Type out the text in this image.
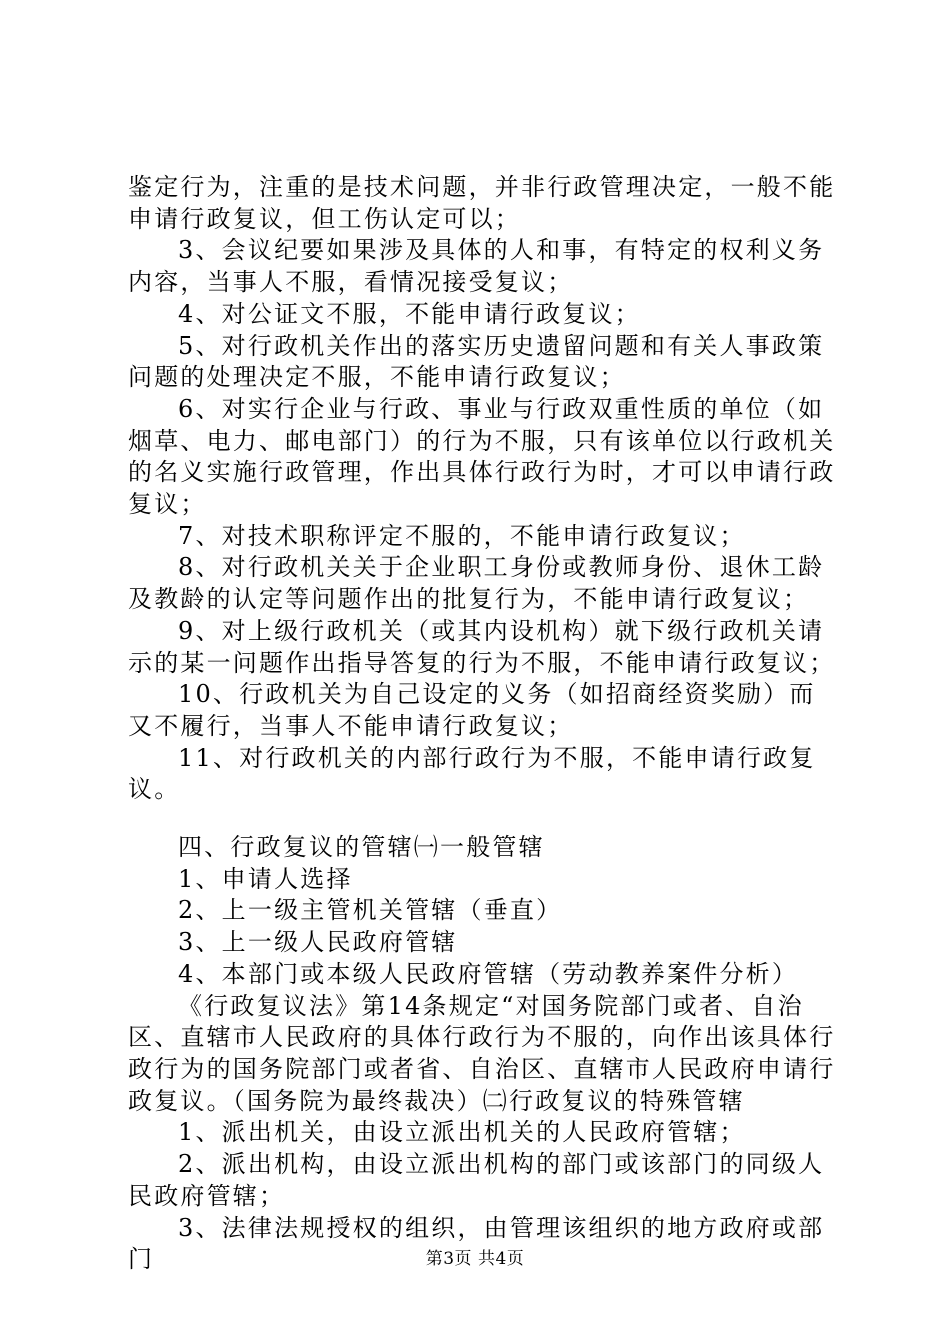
鉴定行为，注重的是技术问题，并非行政管理决定，一般不能申请行政复议，但工伤认定可以；

3、会议纪要如果涉及具体的人和事，有特定的权利义务内容，当事人不服，看情况接受复议；

4、对公证文不服，不能申请行政复议；

5、对行政机关作出的落实历史遗留问题和有关人事政策问题的处理决定不服，不能申请行政复议；

6、对实行企业与行政、事业与行政双重性质的单位（如烟草、电力、邮电部门）的行为不服，只有该单位以行政机关的名义实施行政管理，作出具体行政行为时，才可以申请行政复议；

7、对技术职称评定不服的，不能申请行政复议；

8、对行政机关关于企业职工身份或教师身份、退休工龄及教龄的认定等问题作出的批复行为，不能申请行政复议；

9、对上级行政机关（或其内设机构）就下级行政机关请示的某一问题作出指导答复的行为不服，不能申请行政复议；

10、行政机关为自己设定的义务（如招商经资奖励）而又不履行，当事人不能申请行政复议；

11、对行政机关的内部行政行为不服，不能申请行政复议。

四、行政复议的管辖㈠一般管辖

1、申请人选择

2、上一级主管机关管辖（垂直）

3、上一级人民政府管辖

4、本部门或本级人民政府管辖（劳动教养案件分析）

《行政复议法》第14条规定“对国务院部门或者、自治区、直辖市人民政府的具体行政行为不服的，向作出该具体行政行为的国务院部门或者省、自治区、直辖市人民政府申请行政复议。（国务院为最终裁决）㈡行政复议的特殊管辖

1、派出机关，由设立派出机关的人民政府管辖；

2、派出机构，由设立派出机构的部门或该部门的同级人民政府管辖；

3、法律法规授权的组织，由管理该组织的地方政府或部门	第3页 共4页
